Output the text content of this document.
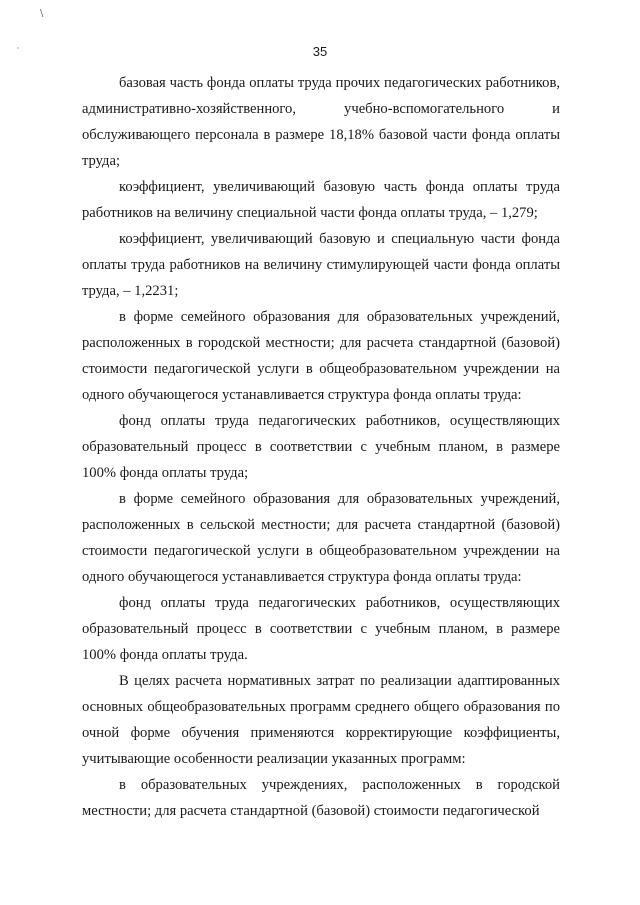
\
'	35

базовая часть фонда оплаты труда прочих педагогических работников, административно-хозяйственного, учебно-вспомогательного и обслуживающего персонала в размере 18,18% базовой части фонда оплаты труда;

коэффициент, увеличивающий базовую часть фонда оплаты труда работников на величину специальной части фонда оплаты труда, – 1,279;

коэффициент, увеличивающий базовую и специальную части фонда оплаты труда работников на величину стимулирующей части фонда оплаты труда, – 1,2231;

в форме семейного образования для образовательных учреждений, расположенных в городской местности; для расчета стандартной (базовой) стоимости педагогической услуги в общеобразовательном учреждении на одного обучающегося устанавливается структура фонда оплаты труда:

фонд оплаты труда педагогических работников, осуществляющих образовательный процесс в соответствии с учебным планом, в размере 100% фонда оплаты труда;

в форме семейного образования для образовательных учреждений, расположенных в сельской местности; для расчета стандартной (базовой) стоимости педагогической услуги в общеобразовательном учреждении на одного обучающегося устанавливается структура фонда оплаты труда:

фонд оплаты труда педагогических работников, осуществляющих образовательный процесс в соответствии с учебным планом, в размере 100% фонда оплаты труда.

В целях расчета нормативных затрат по реализации адаптированных основных общеобразовательных программ среднего общего образования по очной форме обучения применяются корректирующие коэффициенты, учитывающие особенности реализации указанных программ:

в образовательных учреждениях, расположенных в городской местности; для расчета стандартной (базовой) стоимости педагогической
